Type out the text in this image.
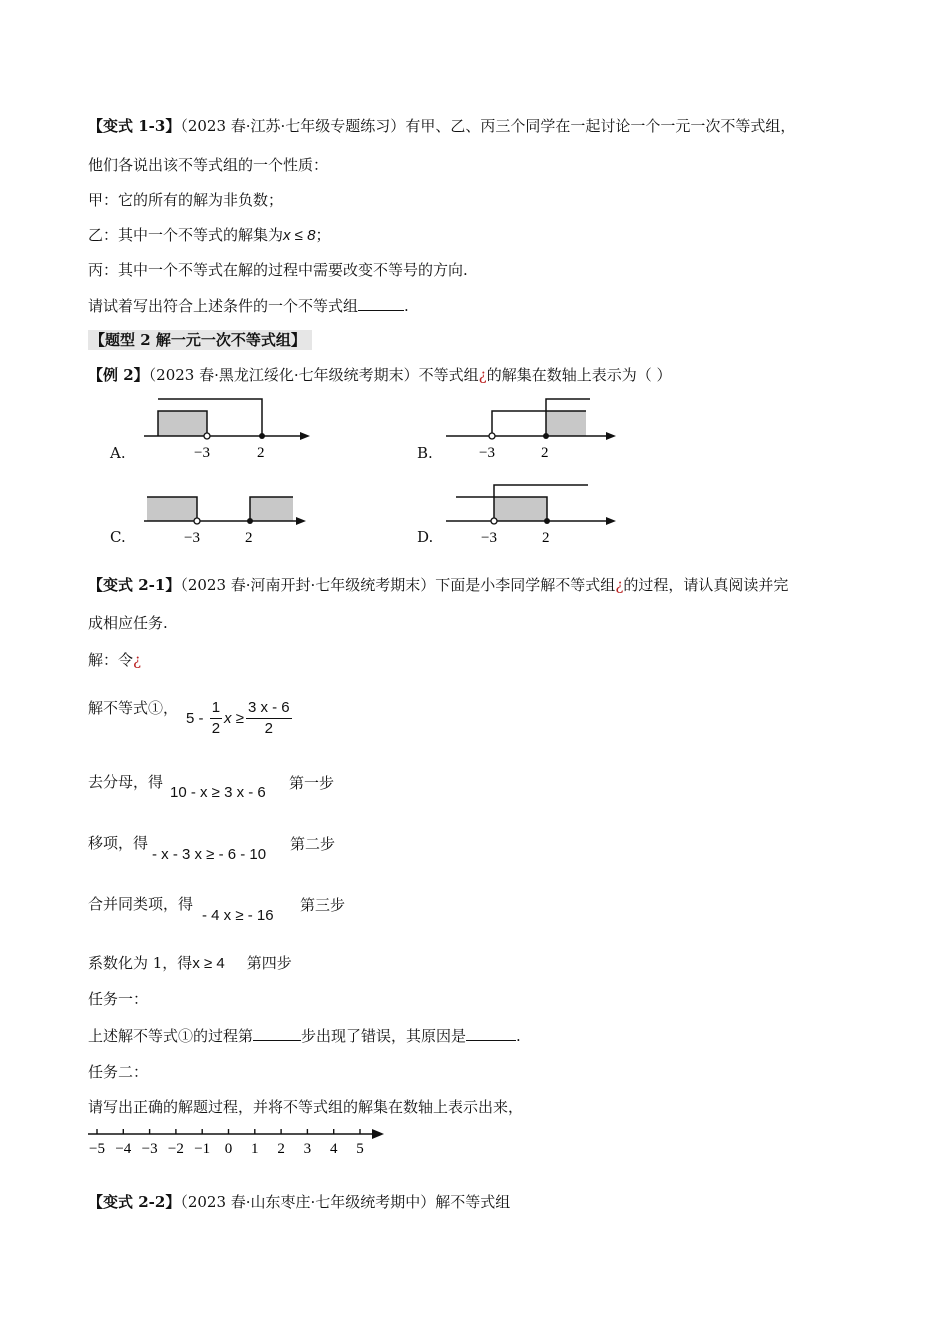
【变式 1-3】（2023 春·江苏·七年级专题练习）有甲、乙、丙三个同学在一起讨论一个一元一次不等式组，
他们各说出该不等式组的一个性质：
甲：它的所有的解为非负数；
乙：其中一个不等式的解集为x ≤ 8；
丙：其中一个不等式在解的过程中需要改变不等号的方向.
请试着写出符合上述条件的一个不等式组	.
【题型 2 解一元一次不等式组】
【例 2】（2023 春·黑龙江绥化·七年级统考期末）不等式组¿的解集在数轴上表示为（ ）
A.	−3	2	B.	−3	2
C.	−3	2	D.	−3	2
【变式 2-1】（2023 春·河南开封·七年级统考期末）下面是小李同学解不等式组¿的过程，请认真阅读并完
成相应任务.
解：令¿
解不等式①，
$5 - \frac{1}{2}$ $x \ge \frac{3 x - 6}{2}$
去分母，得
10 - x ≥ 3 x - 6
第一步
移项，得
- x - 3 x ≥ - 6 - 10
第二步
合并同类项，得
- 4 x ≥ - 16
第三步
系数化为 1，得x ≥ 4 第四步
任务一：
上述解不等式①的过程第	步出现了错误，其原因是	.
任务二：
请写出正确的解题过程，并将不等式组的解集在数轴上表示出来，
−5 −4 −3 −2 −1 0 1 2 3 4 5
【变式 2-2】（2023 春·山东枣庄·七年级统考期中）解不等式组
